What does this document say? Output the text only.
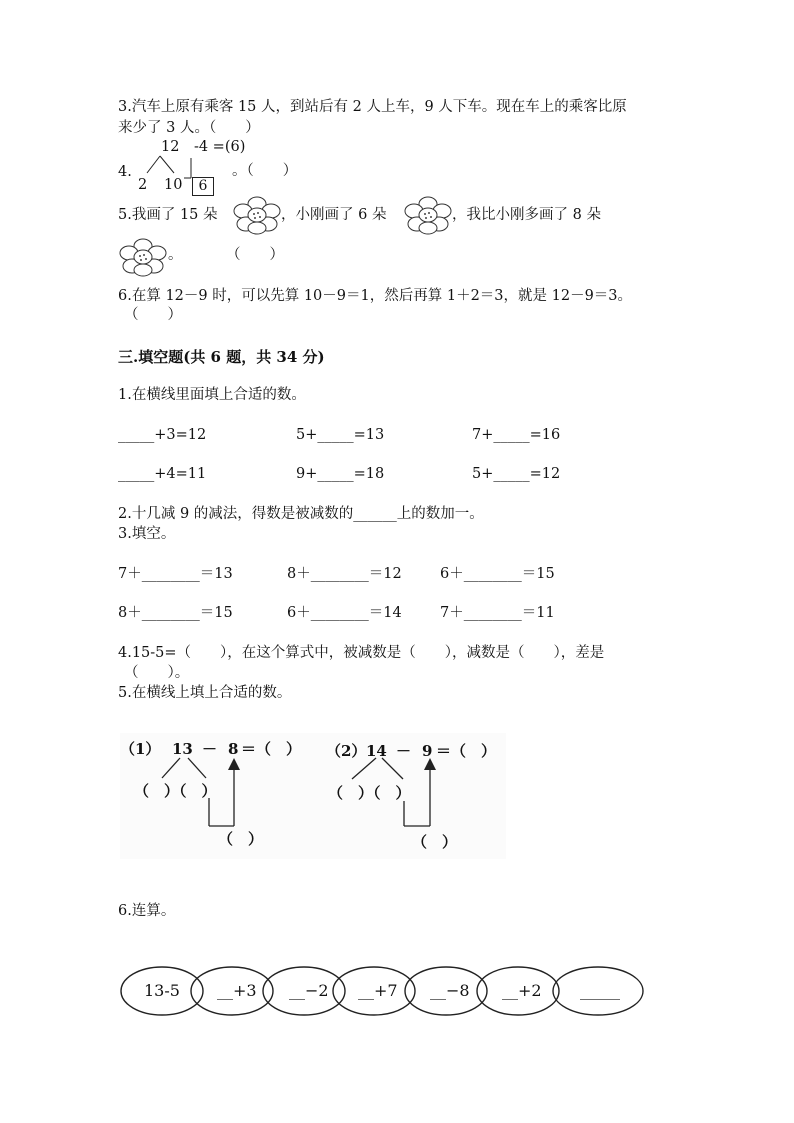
3.汽车上原有乘客 15 人，到站后有 2 人上车，9 人下车。现在车上的乘客比原
来少了 3 人。（　　）
12　-4 =(6)
4.
2 10	6
。（　　）
5.我画了 15 朵	，小刚画了 6 朵	，我比小刚多画了 8 朵
。　　　　（　　）
6.在算 12－9 时，可以先算 10－9＝1，然后再算 1＋2＝3，就是 12－9＝3。
（　　）
三.填空题(共 6 题，共 34 分)
1.在横线里面填上合适的数。
_____+3=12	5+_____=13	7+_____=16
_____+4=11	9+_____=18	5+_____=12
2.十几减 9 的减法，得数是被减数的______上的数加一。
3.填空。
7＋________＝13	8＋________＝12	6＋________＝15
8＋________＝15	6＋________＝14	7＋________＝11
4.15-5=（　　），在这个算式中，被减数是（　　），减数是（　　），差是
（　　）。
5.在横线上填上合适的数。
（1） 13 － 8 ＝（　）
（　）（　）
（　）
（2） 14 － 9 ＝（　）
（　）（　）
（　）
6.连算。
13-5 __+3 __−2 __+7 __−8 __+2 _____
